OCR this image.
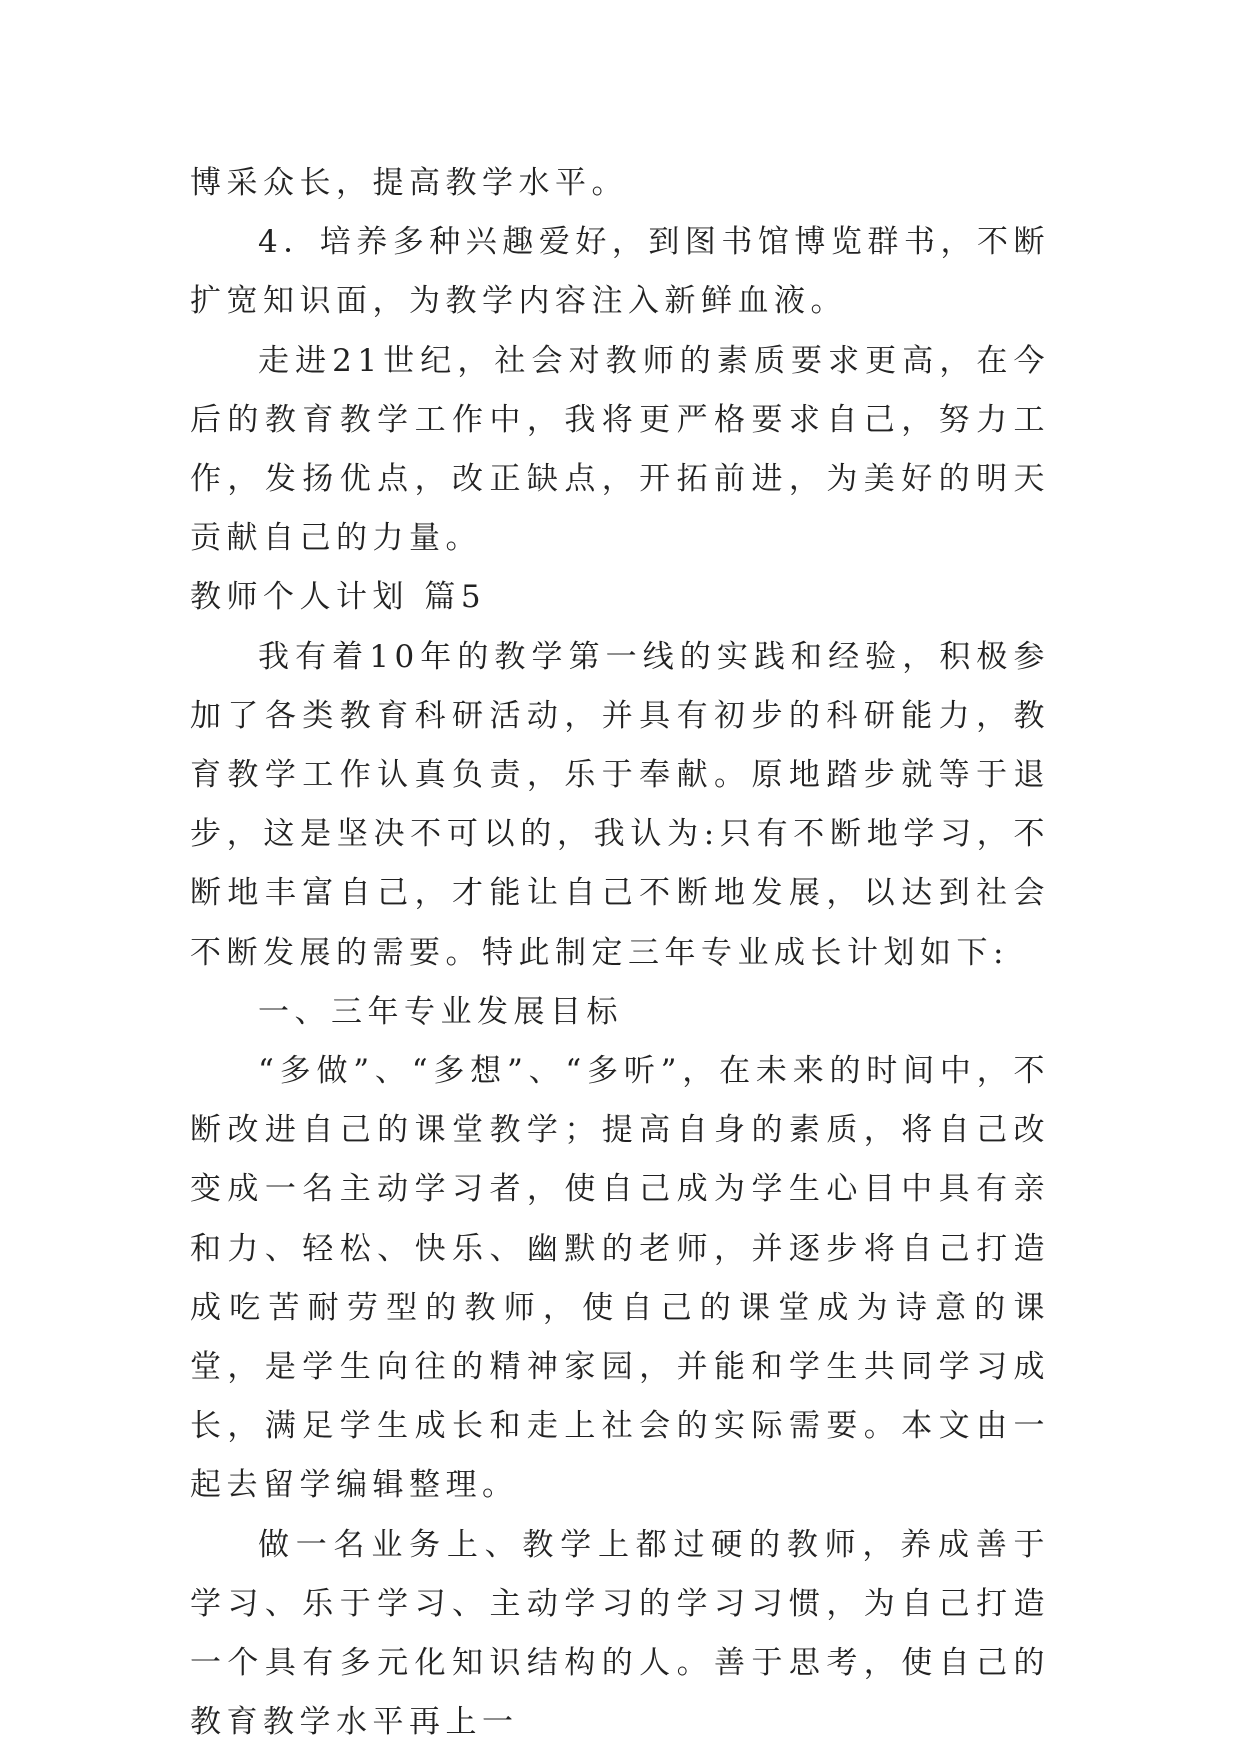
博采众长，提高教学水平。

4．培养多种兴趣爱好，到图书馆博览群书，不断扩宽知识面，为教学内容注入新鲜血液。

走进21世纪，社会对教师的素质要求更高，在今后的教育教学工作中，我将更严格要求自己，努力工作，发扬优点，改正缺点，开拓前进，为美好的明天贡献自己的力量。

教师个人计划 篇5

我有着10年的教学第一线的实践和经验，积极参加了各类教育科研活动，并具有初步的科研能力，教育教学工作认真负责，乐于奉献。原地踏步就等于退步，这是坚决不可以的，我认为:只有不断地学习，不断地丰富自己，才能让自己不断地发展，以达到社会不断发展的需要。特此制定三年专业成长计划如下:

一、三年专业发展目标

“多做”、“多想”、“多听”，在未来的时间中，不断改进自己的课堂教学；提高自身的素质，将自己改变成一名主动学习者，使自己成为学生心目中具有亲和力、轻松、快乐、幽默的老师，并逐步将自己打造成吃苦耐劳型的教师，使自己的课堂成为诗意的课堂，是学生向往的精神家园，并能和学生共同学习成长，满足学生成长和走上社会的实际需要。本文由一起去留学编辑整理。

做一名业务上、教学上都过硬的教师，养成善于学习、乐于学习、主动学习的学习习惯，为自己打造一个具有多元化知识结构的人。善于思考，使自己的教育教学水平再上一
